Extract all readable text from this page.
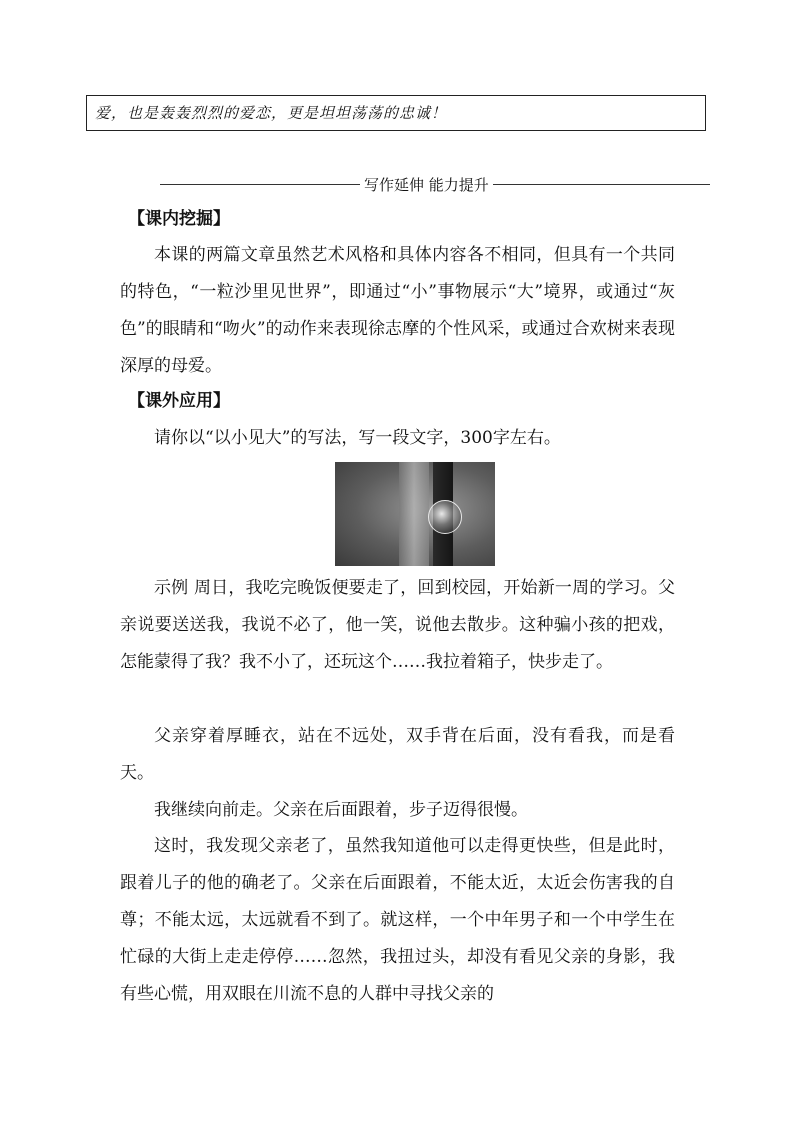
爱，也是轰轰烈烈的爱恋，更是坦坦荡荡的忠诚！
写作延伸 能力提升
【课内挖掘】

本课的两篇文章虽然艺术风格和具体内容各不相同，但具有一个共同的特色，“一粒沙里见世界”，即通过“小”事物展示“大”境界，或通过“灰色”的眼睛和“吻火”的动作来表现徐志摩的个性风采，或通过合欢树来表现深厚的母爱。

【课外应用】

请你以“以小见大”的写法，写一段文字，300字左右。

示例 周日，我吃完晚饭便要走了，回到校园，开始新一周的学习。父亲说要送送我，我说不必了，他一笑，说他去散步。这种骗小孩的把戏，怎能蒙得了我？我不小了，还玩这个……我拉着箱子，快步走了。

父亲穿着厚睡衣，站在不远处，双手背在后面，没有看我，而是看天。

我继续向前走。父亲在后面跟着，步子迈得很慢。

这时，我发现父亲老了，虽然我知道他可以走得更快些，但是此时，跟着儿子的他的确老了。父亲在后面跟着，不能太近，太近会伤害我的自尊；不能太远，太远就看不到了。就这样，一个中年男子和一个中学生在忙碌的大街上走走停停……忽然，我扭过头，却没有看见父亲的身影，我有些心慌，用双眼在川流不息的人群中寻找父亲的
